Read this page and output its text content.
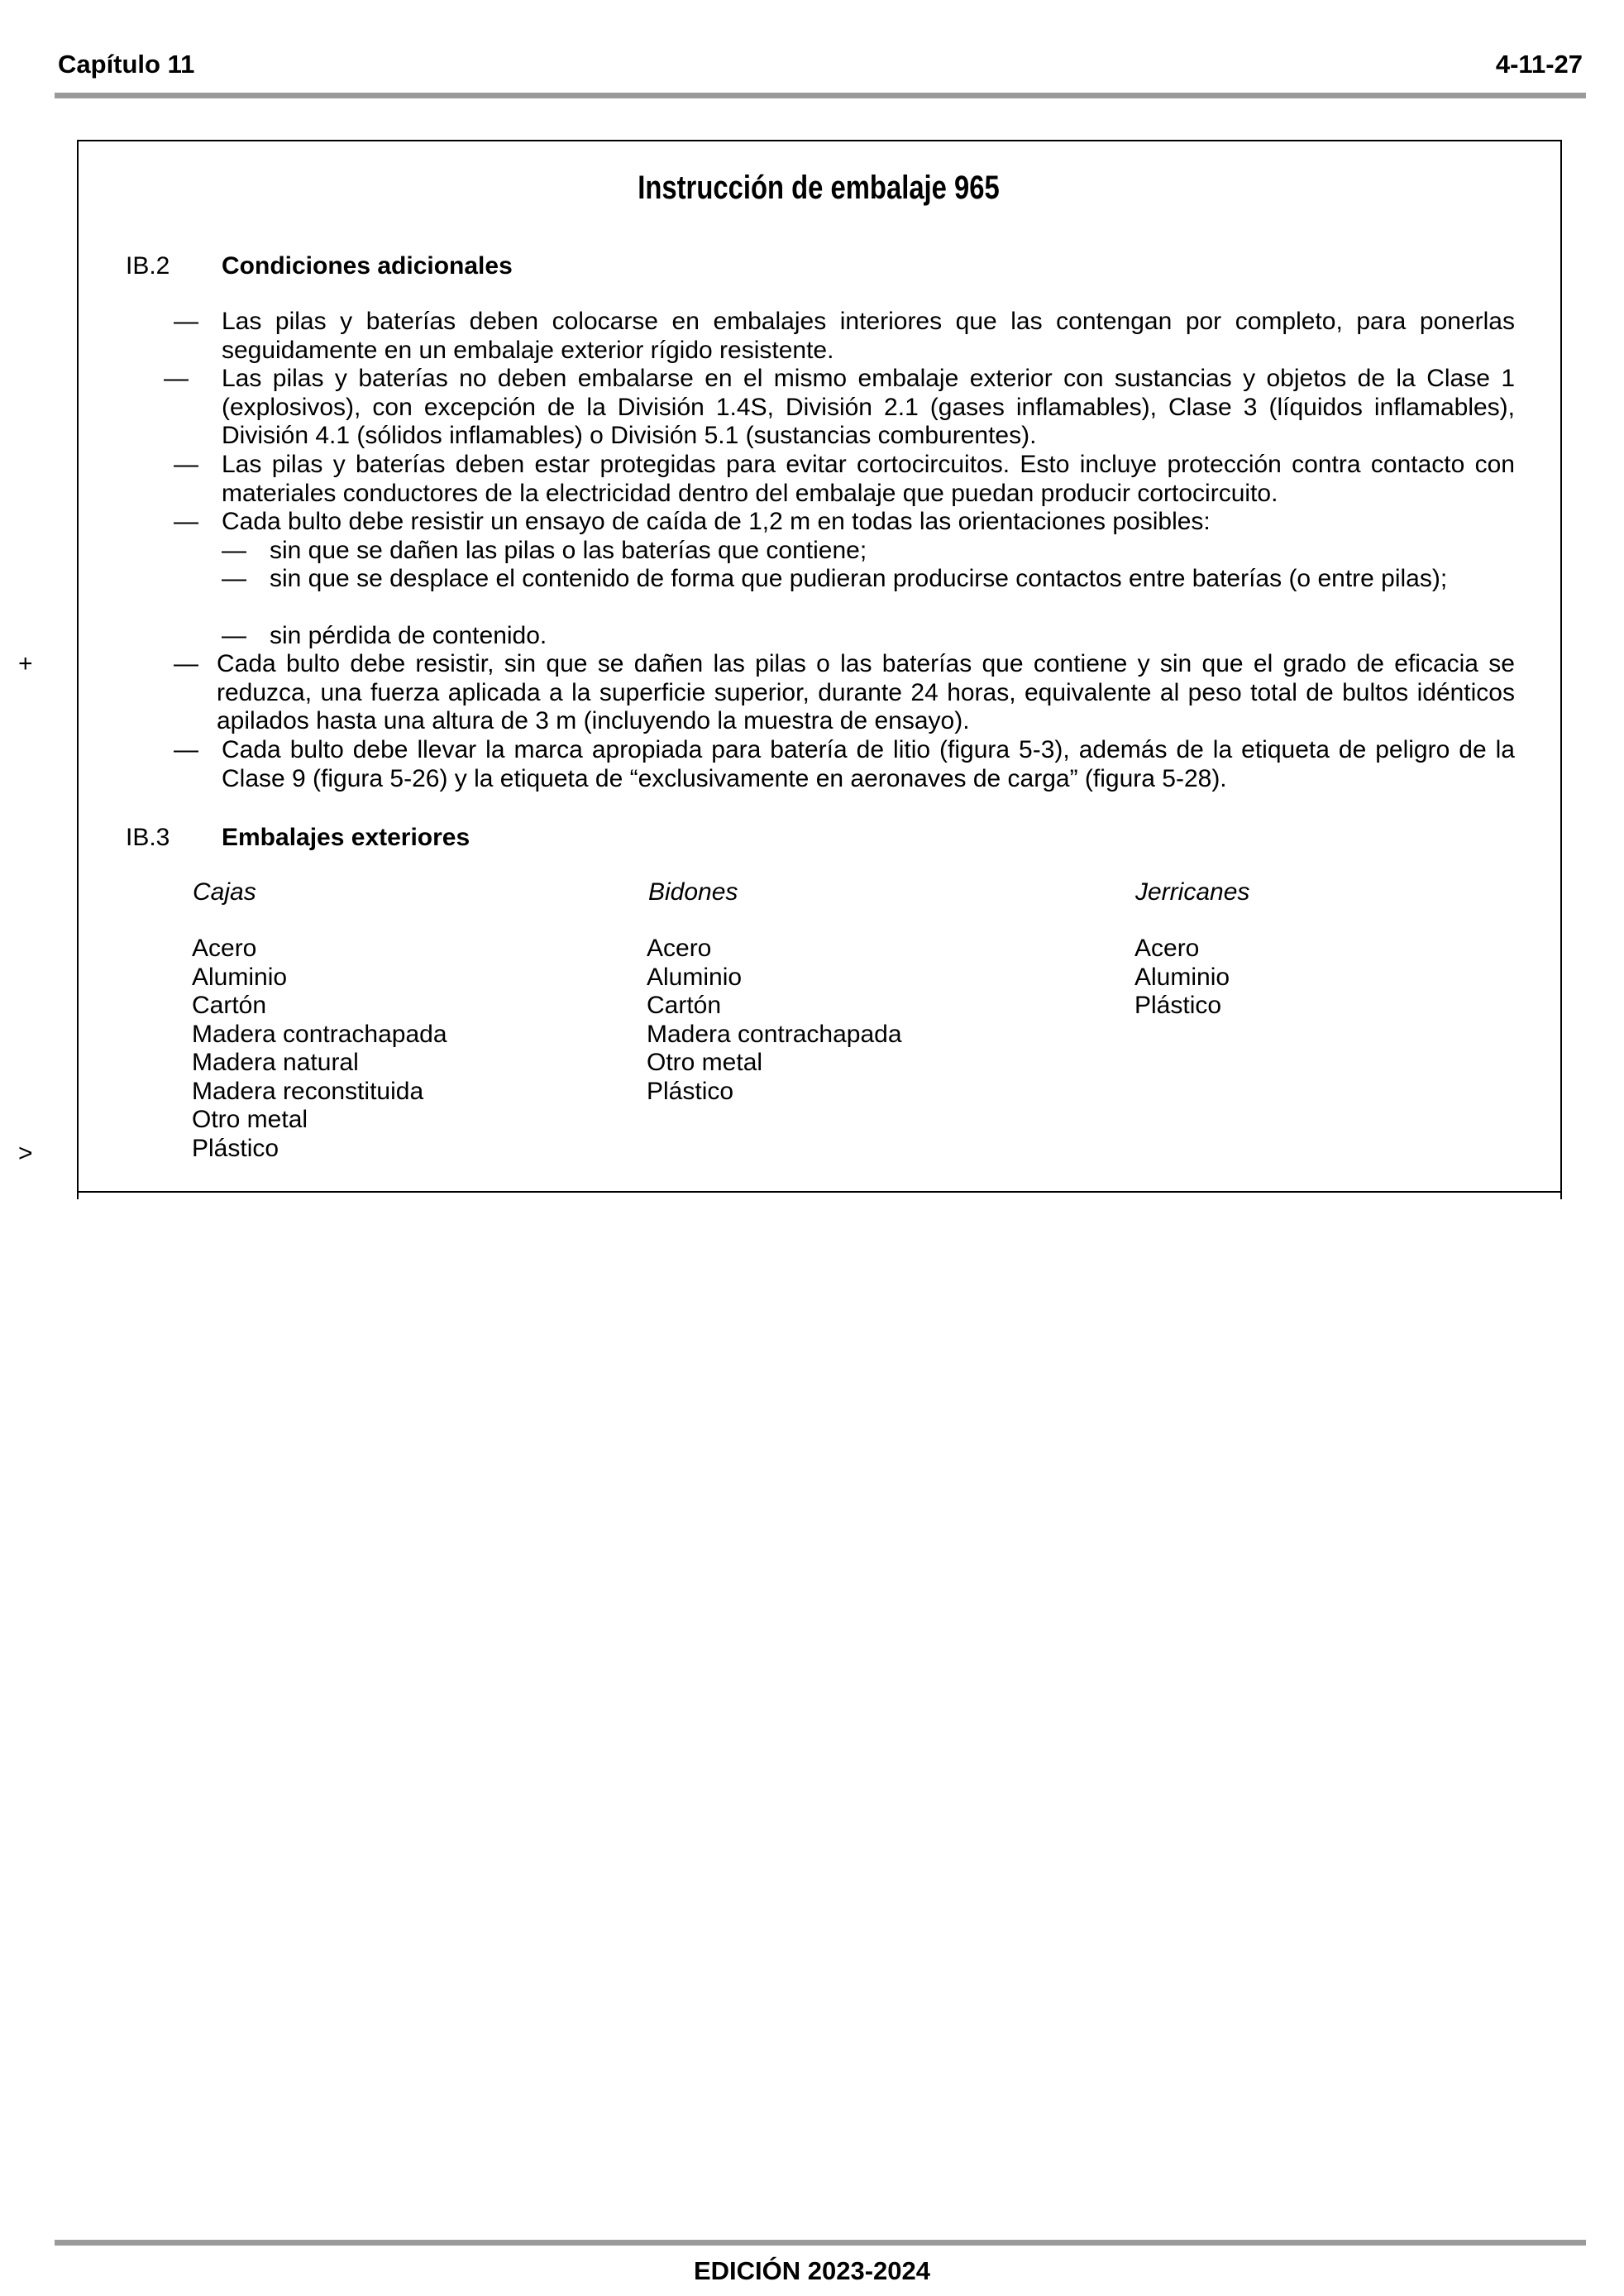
Capítulo 11	4-11-27
+
>
Instrucción de embalaje 965
IB.2 Condiciones adicionales
— Las pilas y baterías deben colocarse en embalajes interiores que las contengan por completo, para ponerlas seguidamente en un embalaje exterior rígido resistente.
— Las pilas y baterías no deben embalarse en el mismo embalaje exterior con sustancias y objetos de la Clase 1 (explosivos), con excepción de la División 1.4S, División 2.1 (gases inflamables), Clase 3 (líquidos inflamables), División 4.1 (sólidos inflamables) o División 5.1 (sustancias comburentes).
— Las pilas y baterías deben estar protegidas para evitar cortocircuitos. Esto incluye protección contra contacto con materiales conductores de la electricidad dentro del embalaje que puedan producir cortocircuito.
— Cada bulto debe resistir un ensayo de caída de 1,2 m en todas las orientaciones posibles:
— sin que se dañen las pilas o las baterías que contiene;
— sin que se desplace el contenido de forma que pudieran producirse contactos entre baterías (o entre pilas);
— sin pérdida de contenido.
— Cada bulto debe resistir, sin que se dañen las pilas o las baterías que contiene y sin que el grado de eficacia se reduzca, una fuerza aplicada a la superficie superior, durante 24 horas, equivalente al peso total de bultos idénticos apilados hasta una altura de 3 m (incluyendo la muestra de ensayo).
— Cada bulto debe llevar la marca apropiada para batería de litio (figura 5-3), además de la etiqueta de peligro de la Clase 9 (figura 5-26) y la etiqueta de “exclusivamente en aeronaves de carga” (figura 5-28).
IB.3 Embalajes exteriores
Cajas
Acero
Aluminio
Cartón
Madera contrachapada
Madera natural
Madera reconstituida
Otro metal
Plástico
Bidones
Acero
Aluminio
Cartón
Madera contrachapada
Otro metal
Plástico
Jerricanes
Acero
Aluminio
Plástico
EDICIÓN 2023-2024
